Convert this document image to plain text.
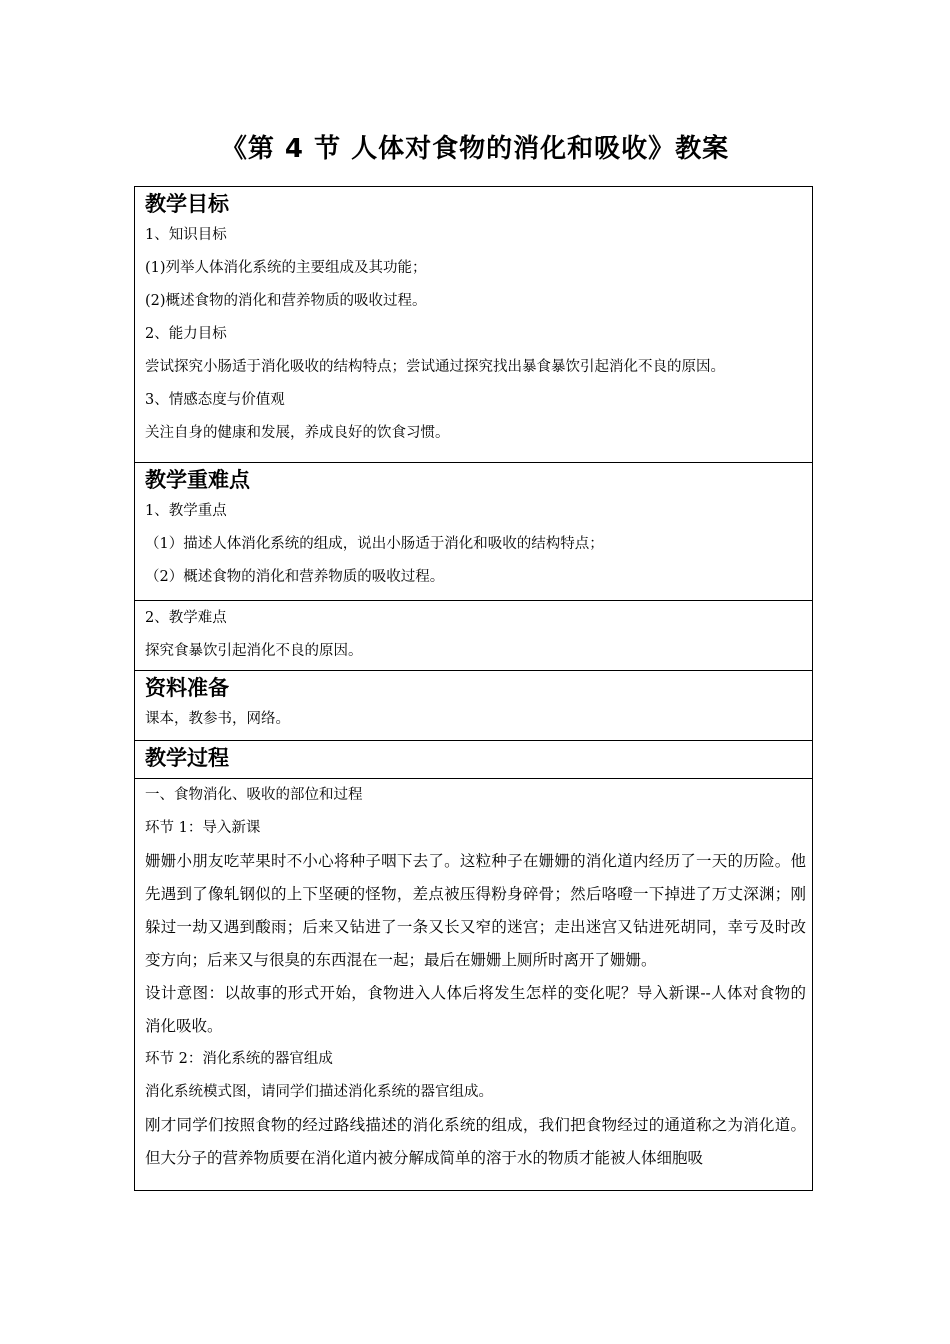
《第 4 节 人体对食物的消化和吸收》教案
教学目标
1、知识目标
(1)列举人体消化系统的主要组成及其功能；
(2)概述食物的消化和营养物质的吸收过程。
2、能力目标
尝试探究小肠适于消化吸收的结构特点；尝试通过探究找出暴食暴饮引起消化不良的原因。
3、情感态度与价值观
关注自身的健康和发展，养成良好的饮食习惯。
教学重难点
1、教学重点
（1）描述人体消化系统的组成，说出小肠适于消化和吸收的结构特点；
（2）概述食物的消化和营养物质的吸收过程。
2、教学难点
探究食暴饮引起消化不良的原因。
资料准备
课本，教参书，网络。
教学过程
一、食物消化、吸收的部位和过程
环节 1：导入新课
姗姗小朋友吃苹果时不小心将种子咽下去了。这粒种子在姗姗的消化道内经历了一天的历险。他先遇到了像轧钢似的上下坚硬的怪物，差点被压得粉身碎骨；然后咯噔一下掉进了万丈深渊；刚躲过一劫又遇到酸雨；后来又钻进了一条又长又窄的迷宫；走出迷宫又钻进死胡同，幸亏及时改变方向；后来又与很臭的东西混在一起；最后在姗姗上厕所时离开了姗姗。
设计意图：以故事的形式开始，食物进入人体后将发生怎样的变化呢？导入新课--人体对食物的消化吸收。
环节 2：消化系统的器官组成
消化系统模式图，请同学们描述消化系统的器官组成。
刚才同学们按照食物的经过路线描述的消化系统的组成，我们把食物经过的通道称之为消化道。但大分子的营养物质要在消化道内被分解成简单的溶于水的物质才能被人体细胞吸
